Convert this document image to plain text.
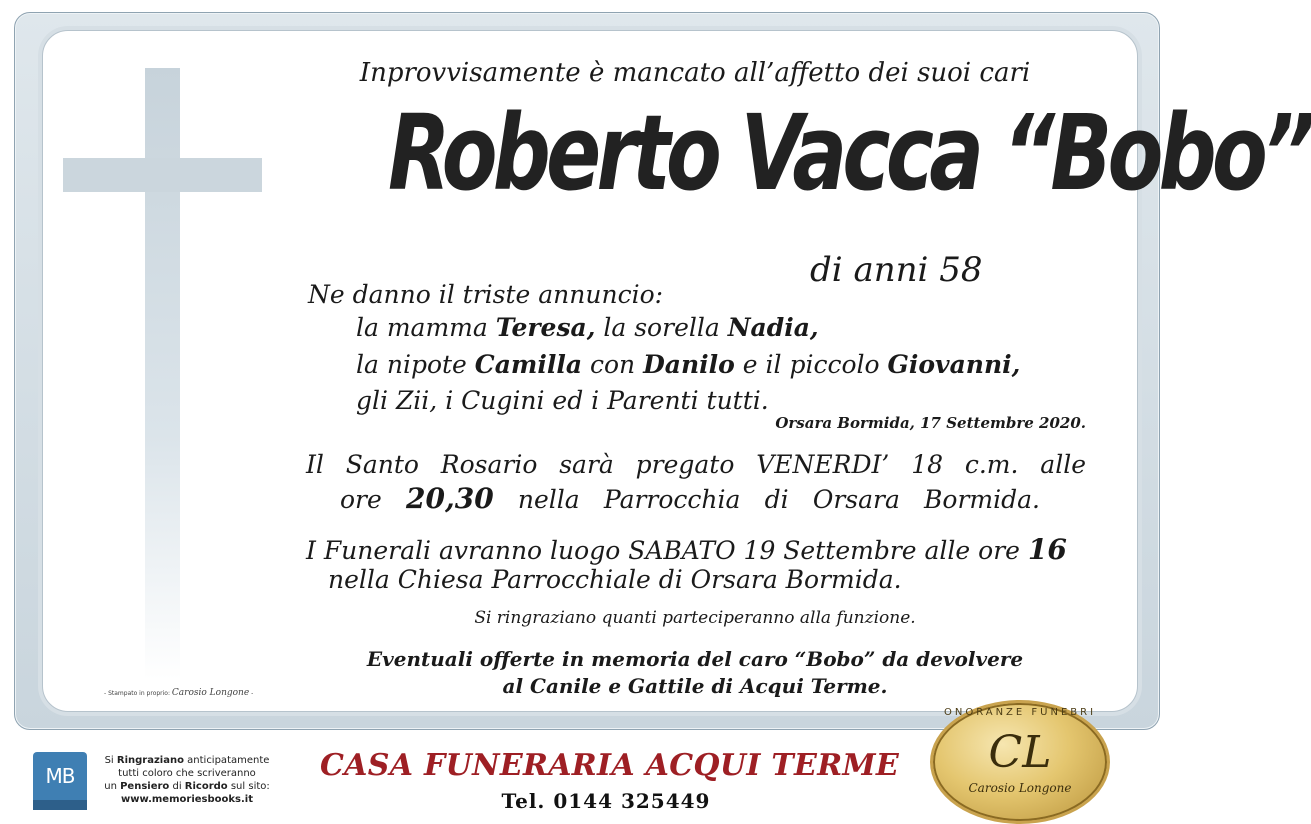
Inprovvisamente è mancato all’affetto dei suoi cari

Roberto Vacca “Bobo”

di anni 58

Ne danno il triste annuncio:

la mamma Teresa, la sorella Nadia,

la nipote Camilla con Danilo e il piccolo Giovanni,

gli Zii, i Cugini ed i Parenti tutti.

Orsara Bormida, 17 Settembre 2020.

Il Santo Rosario sarà pregato VENERDI’ 18 c.m. alle

ore 20,30 nella Parrocchia di Orsara Bormida.

I Funerali avranno luogo SABATO 19 Settembre alle ore 16

nella Chiesa Parrocchiale di Orsara Bormida.

Si ringraziano quanti parteciperanno alla funzione.

Eventuali offerte in memoria del caro “Bobo” da devolvere
al Canile e Gattile di Acqui Terme.

- Stampato in proprio: Carosio Longone -

MB
Si Ringraziano anticipatamente
tutti coloro che scriveranno
un Pensiero di Ricordo sul sito:
www.memoriesbooks.it

CASA FUNERARIA ACQUI TERME

Tel. 0144 325449

ONORANZE FUNEBRI
CL
Carosio Longone
